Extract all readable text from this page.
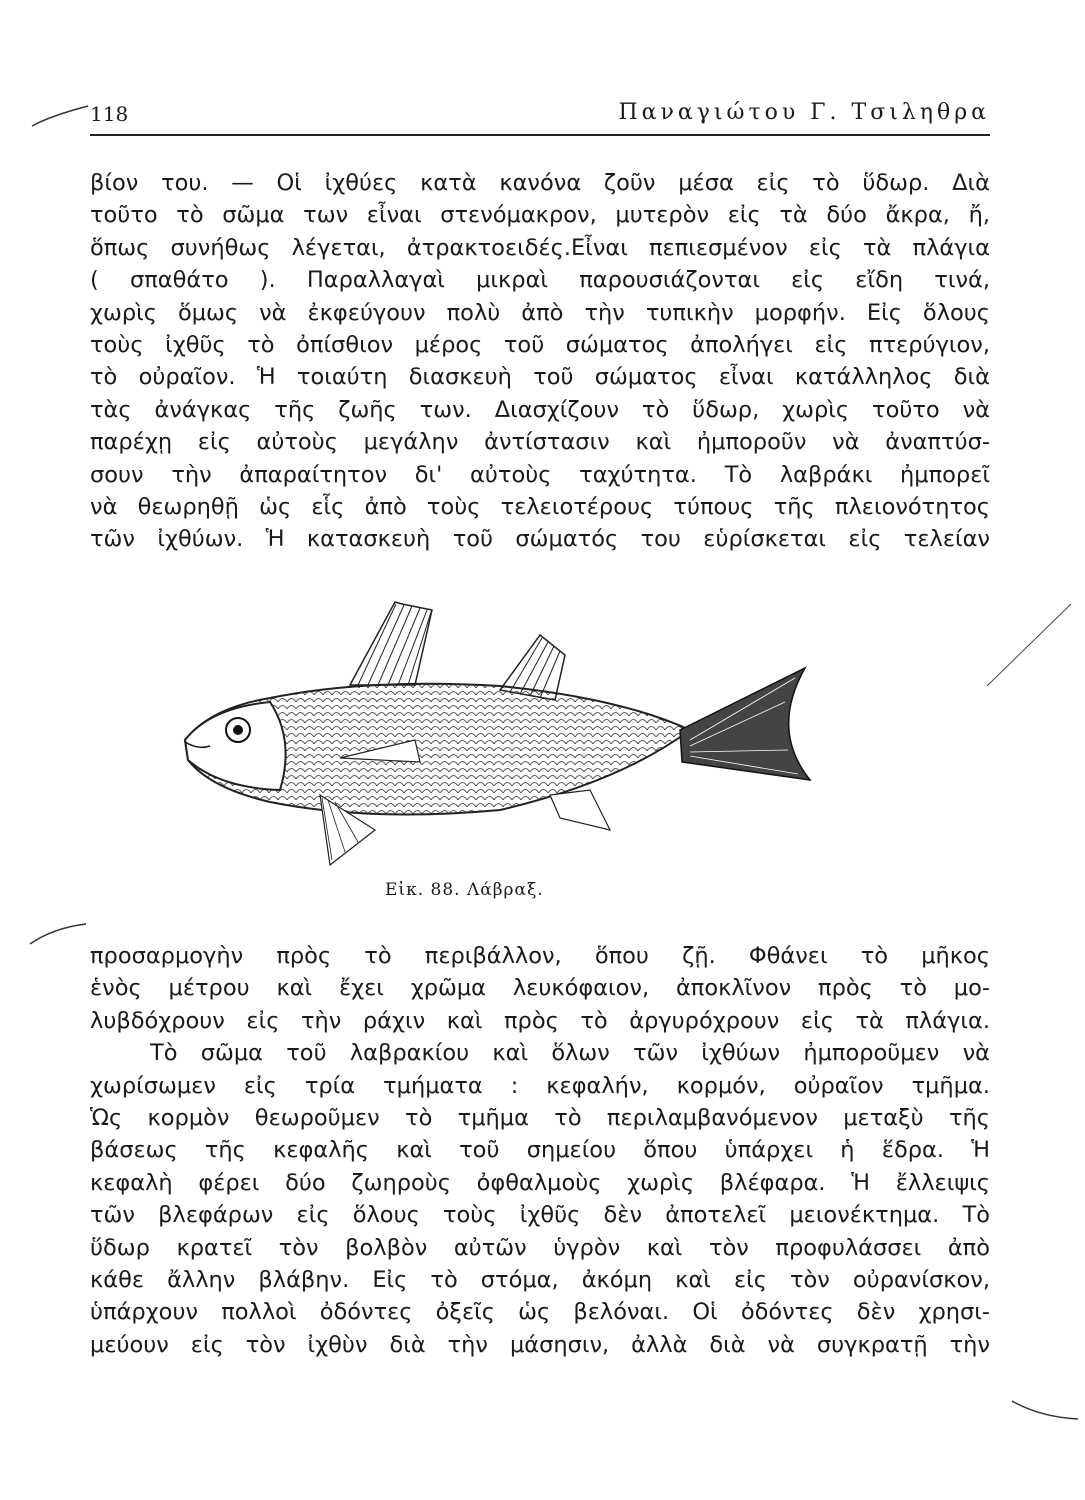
118	Παναγιώτου Γ. Τσιληθρα
βίον του. — Οἱ ἰχθύες κατὰ κανόνα ζοῦν μέσα εἰς τὸ ὕδωρ. Διὰ
τοῦτο τὸ σῶμα των εἶναι στενόμακρον, μυτερὸν εἰς τὰ δύο ἄκρα, ἤ,
ὅπως συνήθως λέγεται, ἀτρακτοειδές.Εἶναι πεπιεσμένον εἰς τὰ πλάγια
( σπαθάτο ). Παραλλαγαὶ μικραὶ παρουσιάζονται εἰς εἴδη τινά,
χωρὶς ὅμως νὰ ἐκφεύγουν πολὺ ἀπὸ τὴν τυπικὴν μορφήν. Εἰς ὅλους
τοὺς ἰχθῦς τὸ ὀπίσθιον μέρος τοῦ σώματος ἀπολήγει εἰς πτερύγιον,
τὸ οὐραῖον. Ἡ τοιαύτη διασκευὴ τοῦ σώματος εἶναι κατάλληλος διὰ
τὰς ἀνάγκας τῆς ζωῆς των. Διασχίζουν τὸ ὕδωρ, χωρὶς τοῦτο νὰ
παρέχῃ εἰς αὐτοὺς μεγάλην ἀντίστασιν καὶ ἠμποροῦν νὰ ἀναπτύσ-
σουν τὴν ἀπαραίτητον δι' αὐτοὺς ταχύτητα. Τὸ λαβράκι ἠμπορεῖ
νὰ θεωρηθῇ ὡς εἷς ἀπὸ τοὺς τελειοτέρους τύπους τῆς πλειονότητος
τῶν ἰχθύων. Ἡ κατασκευὴ τοῦ σώματός του εὑρίσκεται εἰς τελείαν
Εἰκ. 88. Λάβραξ.
προσαρμογὴν πρὸς τὸ περιβάλλον, ὅπου ζῇ. Φθάνει τὸ μῆκος
ἑνὸς μέτρου καὶ ἔχει χρῶμα λευκόφαιον, ἀποκλῖνον πρὸς τὸ μο-
λυβδόχρουν εἰς τὴν ράχιν καὶ πρὸς τὸ ἀργυρόχρουν εἰς τὰ πλάγια.
Τὸ σῶμα τοῦ λαβρακίου καὶ ὅλων τῶν ἰχθύων ἠμποροῦμεν νὰ
χωρίσωμεν εἰς τρία τμήματα : κεφαλήν, κορμόν, οὐραῖον τμῆμα.
Ὡς κορμὸν θεωροῦμεν τὸ τμῆμα τὸ περιλαμβανόμενον μεταξὺ τῆς
βάσεως τῆς κεφαλῆς καὶ τοῦ σημείου ὅπου ὑπάρχει ἡ ἕδρα. Ἡ
κεφαλὴ φέρει δύο ζωηροὺς ὀφθαλμοὺς χωρὶς βλέφαρα. Ἡ ἔλλειψις
τῶν βλεφάρων εἰς ὅλους τοὺς ἰχθῦς δὲν ἀποτελεῖ μειονέκτημα. Τὸ
ὕδωρ κρατεῖ τὸν βολβὸν αὐτῶν ὑγρὸν καὶ τὸν προφυλάσσει ἀπὸ
κάθε ἄλλην βλάβην. Εἰς τὸ στόμα, ἀκόμη καὶ εἰς τὸν οὐρανίσκον,
ὑπάρχουν πολλοὶ ὀδόντες ὀξεῖς ὡς βελόναι. Οἱ ὀδόντες δὲν χρησι-
μεύουν εἰς τὸν ἰχθὺν διὰ τὴν μάσησιν, ἀλλὰ διὰ νὰ συγκρατῇ τὴν
